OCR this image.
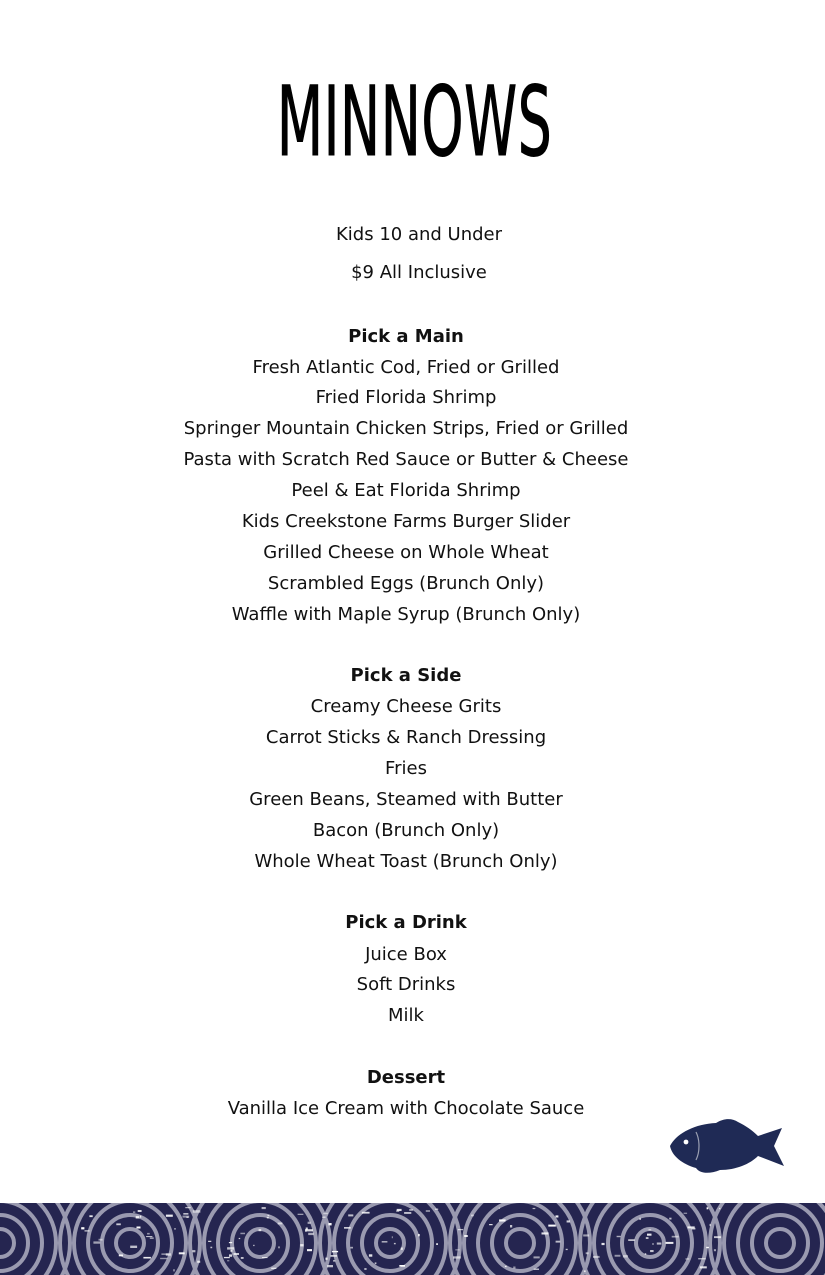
MINNOWS
Kids 10 and Under
$9 All Inclusive
Pick a Main
Fresh Atlantic Cod, Fried or Grilled
Fried Florida Shrimp
Springer Mountain Chicken Strips, Fried or Grilled
Pasta with Scratch Red Sauce or Butter & Cheese
Peel & Eat Florida Shrimp
Kids Creekstone Farms Burger Slider
Grilled Cheese on Whole Wheat
Scrambled Eggs (Brunch Only)
Waffle with Maple Syrup (Brunch Only)
Pick a Side
Creamy Cheese Grits
Carrot Sticks & Ranch Dressing
Fries
Green Beans, Steamed with Butter
Bacon (Brunch Only)
Whole Wheat Toast (Brunch Only)
Pick a Drink
Juice Box
Soft Drinks
Milk
Dessert
Vanilla Ice Cream with Chocolate Sauce
